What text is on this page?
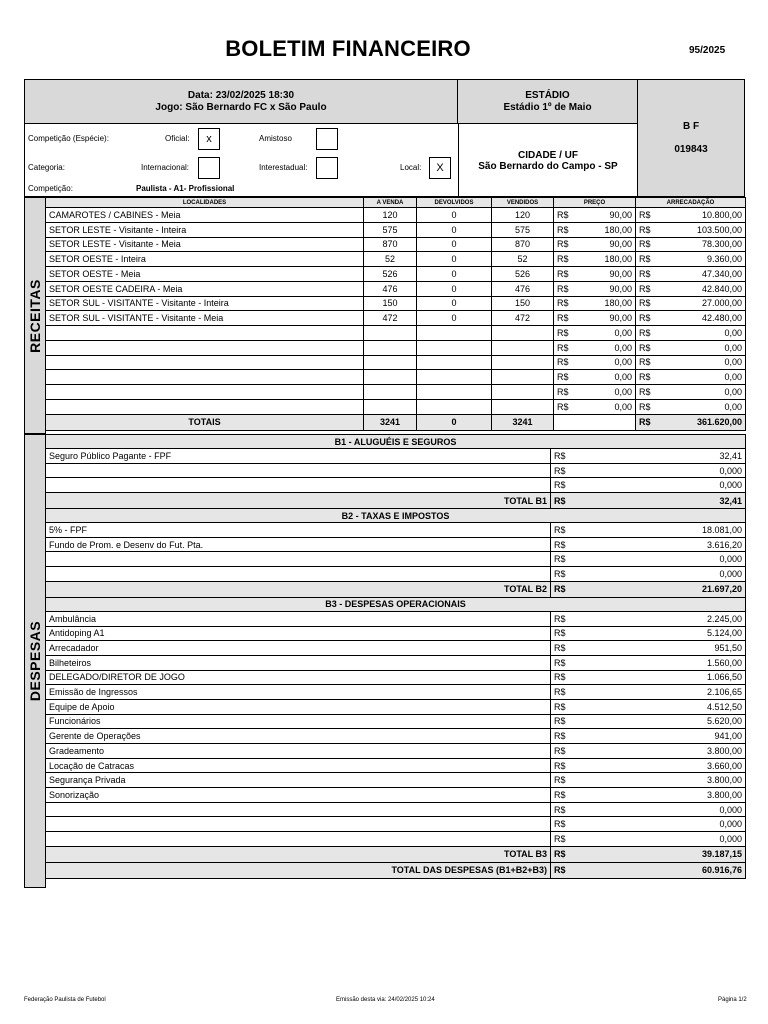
BOLETIM FINANCEIRO	95/2025
Data: 23/02/2025 18:30
Jogo: São Bernardo FC x São Paulo
ESTÁDIO
Estádio 1º de Maio
B F
019843
CIDADE / UF
São Bernardo do Campo - SP
Competição (Espécie):	Oficial:	x	Amistoso
Categoria:	Internacional:	Interestadual:	Local:	X
Competição:	Paulista - A1- Profissional
RECEITAS
LOCALIDADES	A VENDA	DEVOLVIDOS	VENDIDOS	PREÇO		ARRECADAÇÃO	
CAMAROTES / CABINES - Meia	120	0	120	R$	90,00	R$	10.800,00
SETOR LESTE - Visitante - Inteira	575	0	575	R$	180,00	R$	103.500,00
SETOR LESTE - Visitante - Meia	870	0	870	R$	90,00	R$	78.300,00
SETOR OESTE - Inteira	52	0	52	R$	180,00	R$	9.360,00
SETOR OESTE - Meia	526	0	526	R$	90,00	R$	47.340,00
SETOR OESTE CADEIRA - Meia	476	0	476	R$	90,00	R$	42.840,00
SETOR SUL - VISITANTE - Visitante - Inteira	150	0	150	R$	180,00	R$	27.000,00
SETOR SUL - VISITANTE - Visitante - Meia	472	0	472	R$	90,00	R$	42.480,00
				R$	0,00	R$	0,00
				R$	0,00	R$	0,00
				R$	0,00	R$	0,00
				R$	0,00	R$	0,00
				R$	0,00	R$	0,00
				R$	0,00	R$	0,00
TOTAIS	3241	0	3241			R$	361.620,00
DESPESAS
B1 - ALUGUÉIS E SEGUROS		
Seguro Público Pagante - FPF	R$	32,41
	R$	0,000
	R$	0,000
TOTAL B1	R$	32,41
B2 - TAXAS E IMPOSTOS		
5% - FPF	R$	18.081,00
Fundo de Prom. e Desenv do Fut. Pta.	R$	3.616,20
	R$	0,000
	R$	0,000
TOTAL B2	R$	21.697,20
B3 - DESPESAS OPERACIONAIS		
Ambulância	R$	2.245,00
Antidoping A1	R$	5.124,00
Arrecadador	R$	951,50
Bilheteiros	R$	1.560,00
DELEGADO/DIRETOR DE JOGO	R$	1.066,50
Emissão de Ingressos	R$	2.106,65
Equipe de Apoio	R$	4.512,50
Funcionários	R$	5.620,00
Gerente de Operações	R$	941,00
Gradeamento	R$	3.800,00
Locação de Catracas	R$	3.660,00
Segurança Privada	R$	3.800,00
Sonorização	R$	3.800,00
	R$	0,000
	R$	0,000
	R$	0,000
TOTAL B3	R$	39.187,15
TOTAL DAS DESPESAS (B1+B2+B3)	R$	60.916,76
Federação Paulista de Futebol	Emissão desta via: 24/02/2025 10:24	Página 1/2
